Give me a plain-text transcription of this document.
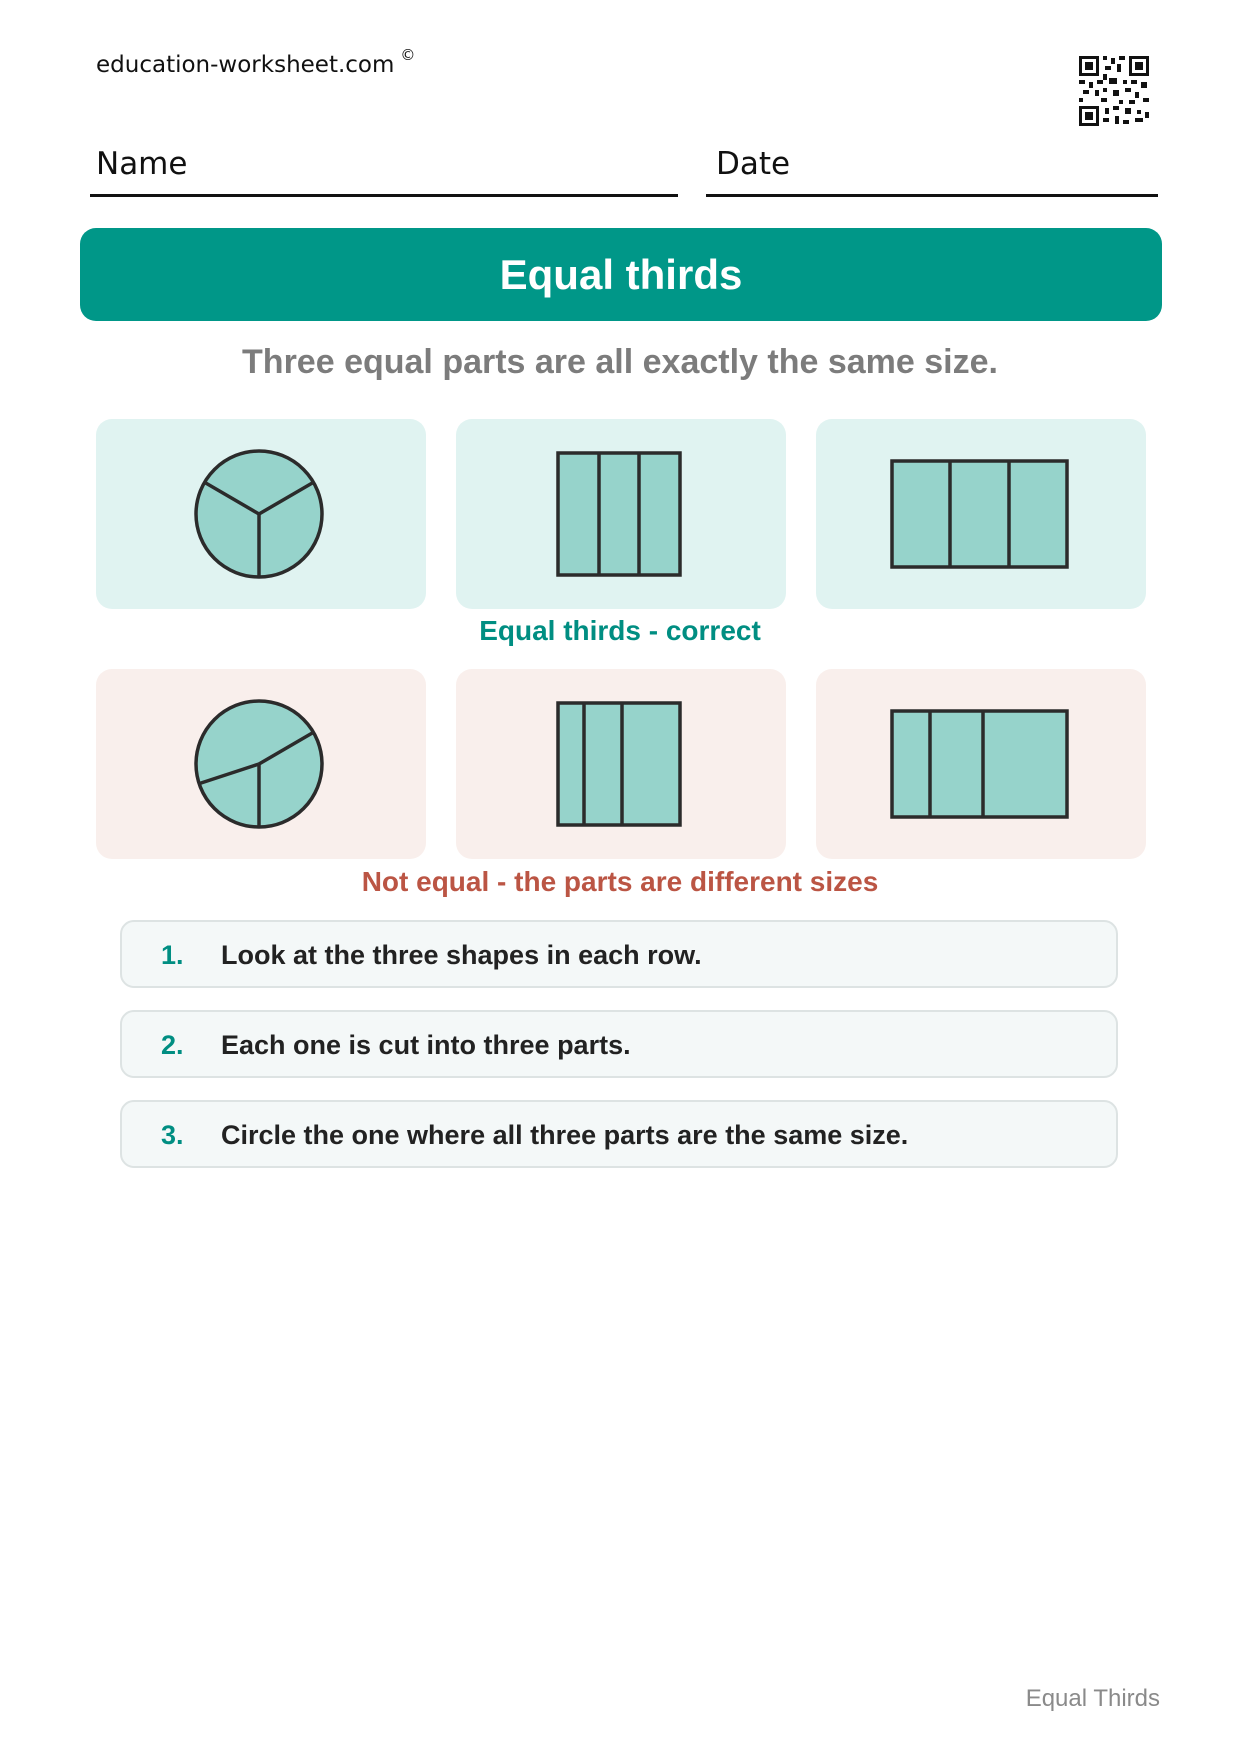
education-worksheet.com ©
Name	Date
Equal thirds
Three equal parts are all exactly the same size.
Equal thirds - correct
Not equal - the parts are different sizes
1. Look at the three shapes in each row.
2. Each one is cut into three parts.
3. Circle the one where all three parts are the same size.
Equal Thirds
